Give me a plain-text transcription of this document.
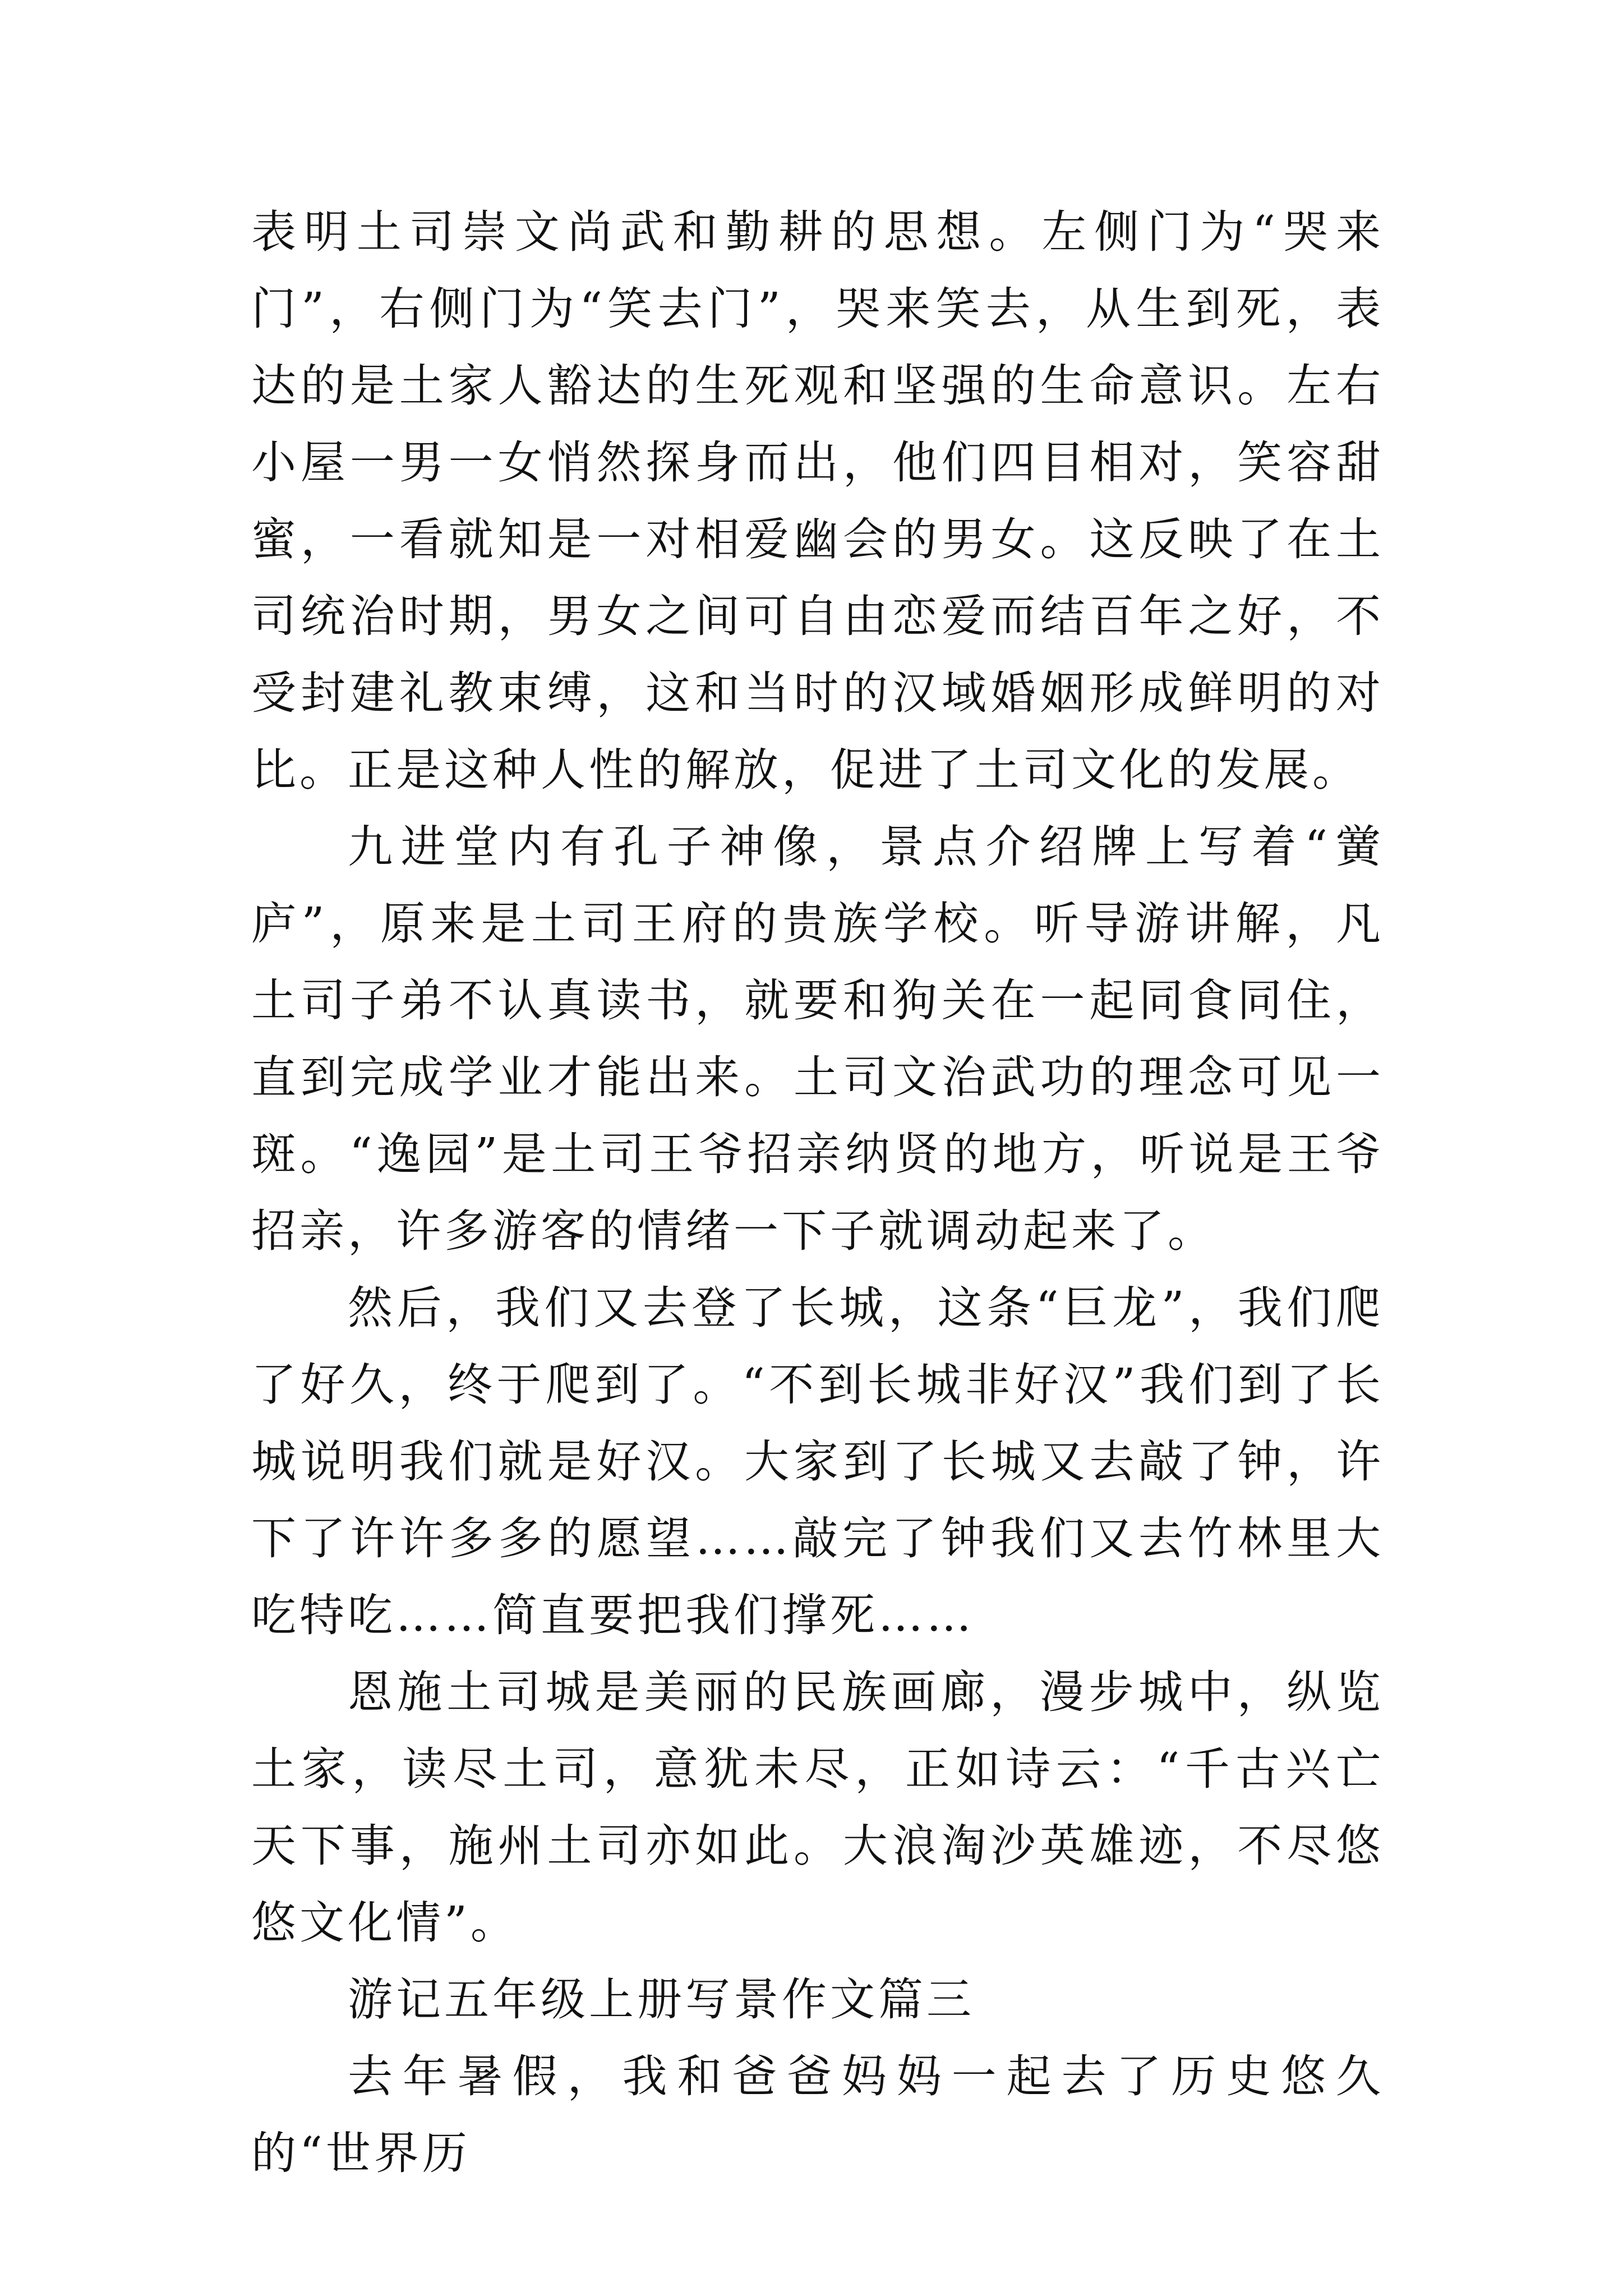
表明土司崇文尚武和勤耕的思想。左侧门为“哭来门”，右侧门为“笑去门”，哭来笑去，从生到死，表达的是土家人豁达的生死观和坚强的生命意识。左右小屋一男一女悄然探身而出，他们四目相对，笑容甜蜜，一看就知是一对相爱幽会的男女。这反映了在土司统治时期，男女之间可自由恋爱而结百年之好，不受封建礼教束缚，这和当时的汉域婚姻形成鲜明的对比。正是这种人性的解放，促进了土司文化的发展。

九进堂内有孔子神像，景点介绍牌上写着“黉庐”，原来是土司王府的贵族学校。听导游讲解，凡土司子弟不认真读书，就要和狗关在一起同食同住，直到完成学业才能出来。土司文治武功的理念可见一斑。“逸园”是土司王爷招亲纳贤的地方，听说是王爷招亲，许多游客的情绪一下子就调动起来了。

然后，我们又去登了长城，这条“巨龙”，我们爬了好久，终于爬到了。“不到长城非好汉”我们到了长城说明我们就是好汉。大家到了长城又去敲了钟，许下了许许多多的愿望……敲完了钟我们又去竹林里大吃特吃……简直要把我们撑死……

恩施土司城是美丽的民族画廊，漫步城中，纵览土家，读尽土司，意犹未尽，正如诗云：“千古兴亡天下事，施州土司亦如此。大浪淘沙英雄迹，不尽悠悠文化情”。

游记五年级上册写景作文篇三

去年暑假，我和爸爸妈妈一起去了历史悠久的“世界历
